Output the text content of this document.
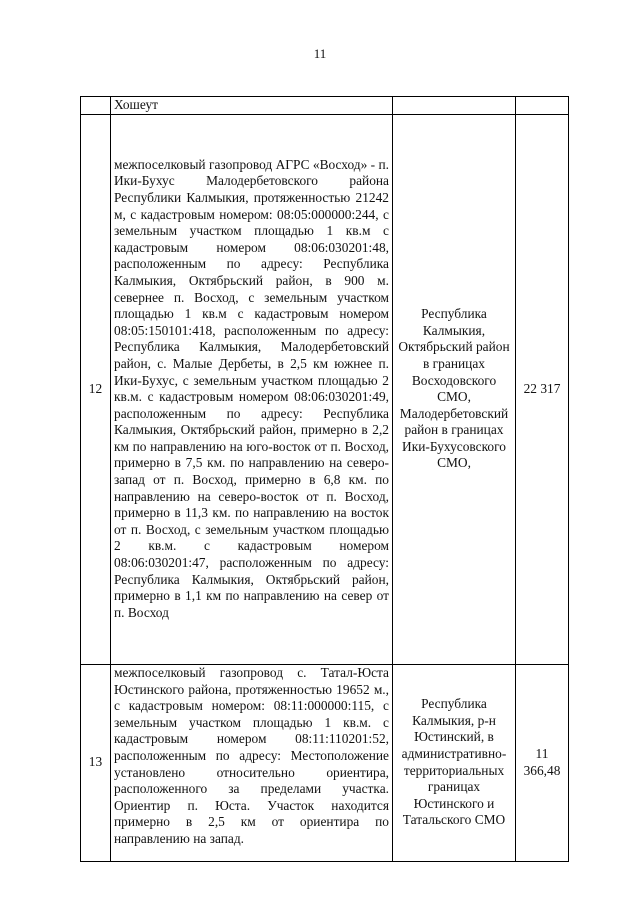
11
	Хошеут		
12	межпоселковый газопровод АГРС «Восход» - п. Ики-Бухус Малодербетовского района Республики Калмыкия, протяженностью 21242 м, с кадастровым номером: 08:05:000000:244, с земельным участком площадью 1 кв.м с кадастровым номером 08:06:030201:48, расположенным по адресу: Республика Калмыкия, Октябрьский район, в 900 м. севернее п. Восход, с земельным участком площадью 1 кв.м с кадастровым номером 08:05:150101:418, расположенным по адресу: Республика Калмыкия, Малодербетовский район, с. Малые Дербеты, в 2,5 км южнее п. Ики-Бухус, с земельным участком площадью 2 кв.м. с кадастровым номером 08:06:030201:49, расположенным по адресу: Республика Калмыкия, Октябрьский район, примерно в 2,2 км по направлению на юго-восток от п. Восход, примерно в 7,5 км. по направлению на северо-запад от п. Восход, примерно в 6,8 км. по направлению на северо-восток от п. Восход, примерно в 11,3 км. по направлению на восток от п. Восход, с земельным участком площадью 2 кв.м. с кадастровым номером 08:06:030201:47, расположенным по адресу: Республика Калмыкия, Октябрьский район, примерно в 1,1 км по направлению на север от п. Восход	Республика Калмыкия, Октябрьский район в границах Восходовского СМО, Малодербетовский район в границах Ики-Бухусовского СМО,	22 317
13	межпоселковый газопровод с. Татал-Юста Юстинского района, протяженностью 19652 м., с кадастровым номером: 08:11:000000:115, с земельным участком площадью 1 кв.м. с кадастровым номером 08:11:110201:52, расположенным по адресу: Местоположение установлено относительно ориентира, расположенного за пределами участка. Ориентир п. Юста. Участок находится примерно в 2,5 км от ориентира по направлению на запад.	Республика Калмыкия, р-н Юстинский, в административно-территориальных границах Юстинского и Татальского СМО	11 366,48
